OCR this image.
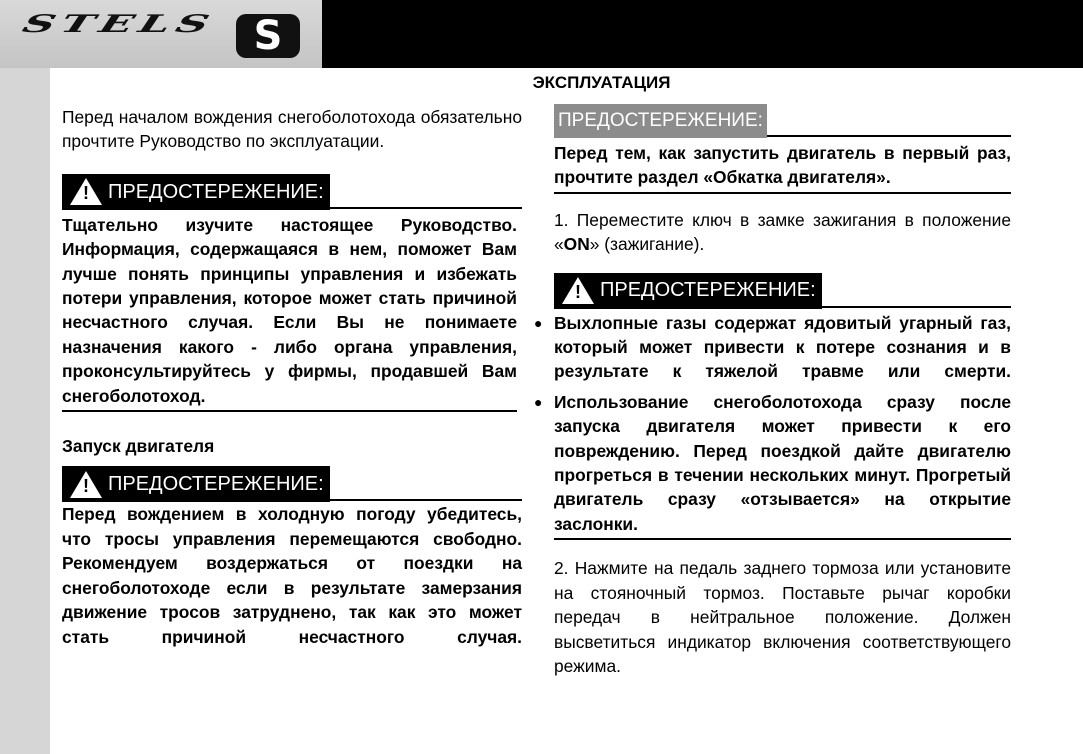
STELS S
ЭКСПЛУАТАЦИЯ

Перед началом вождения снегоболотохода обязательно прочтите Руководство по эксплуатации.

! ПРЕДОСТЕРЕЖЕНИЕ:

Тщательно изучите настоящее Руководство. Информация, содержащаяся в нем, поможет Вам лучше понять принципы управления и избежать потери управления, которое может стать причиной несчастного случая. Если Вы не понимаете назначения какого - либо органа управления, проконсультируйтесь у фирмы, продавшей Вам снегоболотоход.

Запуск двигателя

! ПРЕДОСТЕРЕЖЕНИЕ:

Перед вождением в холодную погоду убедитесь, что тросы управления перемещаются свободно. Рекомендуем воздержаться от поездки на снегоболотоходе если в результате замерзания движение тросов затруднено, так как это может стать причиной несчастного случая.

ПРЕДОСТЕРЕЖЕНИЕ:

Перед тем, как запустить двигатель в первый раз, прочтите раздел «Обкатка двигателя».

1. Переместите ключ в замке зажигания в положение «ON» (зажигание).

! ПРЕДОСТЕРЕЖЕНИЕ:

● Выхлопные газы содержат ядовитый угарный газ, который может привести к потере сознания и в результате к тяжелой травме или смерти.

● Использование снегоболотохода сразу после запуска двигателя может привести к его повреждению. Перед поездкой дайте двигателю прогреться в течении нескольких минут. Прогретый двигатель сразу «отзывается» на открытие заслонки.

2. Нажмите на педаль заднего тормоза или установите на стояночный тормоз. Поставьте рычаг коробки передач в нейтральное положение. Должен высветиться индикатор включения соответствующего режима.
